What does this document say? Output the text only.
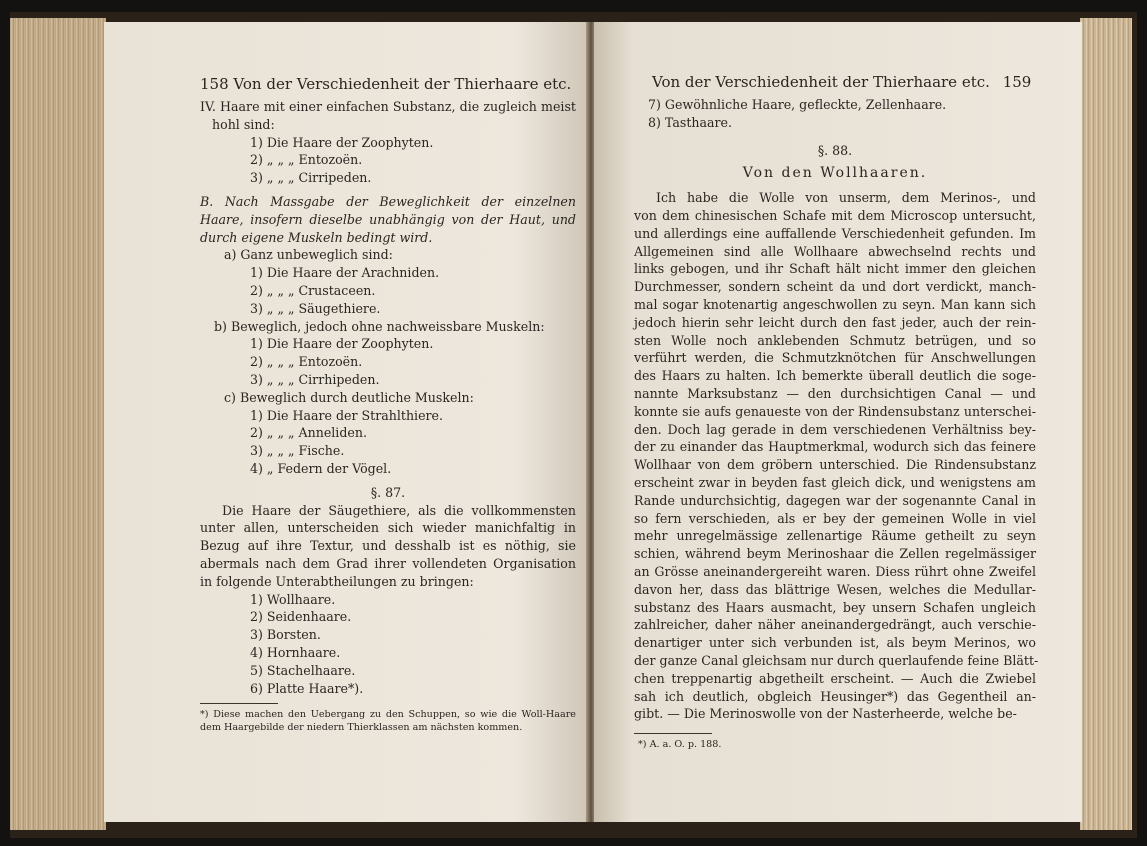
158 Von der Verschiedenheit der Thierhaare etc.
IV. Haare mit einer einfachen Substanz, die zugleich meist hohl sind:
1) Die Haare der Zoophyten.
2) „ „ „ Entozoën.
3) „ „ „ Cirripeden.
B. Nach Massgabe der Beweglichkeit der einzelnen Haare, insofern dieselbe unabhängig von der Haut, und durch eigene Muskeln bedingt wird.
a) Ganz unbeweglich sind:
1) Die Haare der Arachniden.
2) „ „ „ Crustaceen.
3) „ „ „ Säugethiere.
b) Beweglich, jedoch ohne nachweissbare Muskeln:
1) Die Haare der Zoophyten.
2) „ „ „ Entozoën.
3) „ „ „ Cirrhipeden.
c) Beweglich durch deutliche Muskeln:
1) Die Haare der Strahlthiere.
2) „ „ „ Anneliden.
3) „ „ „ Fische.
4) „ Federn der Vögel.
§. 87.
Die Haare der Säugethiere, als die vollkommensten unter allen, unterscheiden sich wieder manichfaltig in Bezug auf ihre Textur, und desshalb ist es nöthig, sie abermals nach dem Grad ihrer vollendeten Organisation in folgende Unterabtheilungen zu bringen:
1) Wollhaare.
2) Seidenhaare.
3) Borsten.
4) Hornhaare.
5) Stachelhaare.
6) Platte Haare*).
*) Diese machen den Uebergang zu den Schuppen, so wie die Woll-Haare dem Haargebilde der niedern Thierklassen am nächsten kommen.
Von der Verschiedenheit der Thierhaare etc. 159
7) Gewöhnliche Haare, gefleckte, Zellenhaare.
8) Tasthaare.
§. 88.
Von den Wollhaaren.
Ich habe die Wolle von unserm, dem Merinos-, und
von dem chinesischen Schafe mit dem Microscop untersucht,
und allerdings eine auffallende Verschiedenheit gefunden. Im
Allgemeinen sind alle Wollhaare abwechselnd rechts und
links gebogen, und ihr Schaft hält nicht immer den gleichen
Durchmesser, sondern scheint da und dort verdickt, manch-
mal sogar knotenartig angeschwollen zu seyn. Man kann sich
jedoch hierin sehr leicht durch den fast jeder, auch der rein-
sten Wolle noch anklebenden Schmutz betrügen, und so
verführt werden, die Schmutzknötchen für Anschwellungen
des Haars zu halten. Ich bemerkte überall deutlich die soge-
nannte Marksubstanz — den durchsichtigen Canal — und
konnte sie aufs genaueste von der Rindensubstanz unterschei-
den. Doch lag gerade in dem verschiedenen Verhältniss bey-
der zu einander das Hauptmerkmal, wodurch sich das feinere
Wollhaar von dem gröbern unterschied. Die Rindensubstanz
erscheint zwar in beyden fast gleich dick, und wenigstens am
Rande undurchsichtig, dagegen war der sogenannte Canal in
so fern verschieden, als er bey der gemeinen Wolle in viel
mehr unregelmässige zellenartige Räume getheilt zu seyn
schien, während beym Merinoshaar die Zellen regelmässiger
an Grösse aneinandergereiht waren. Diess rührt ohne Zweifel
davon her, dass das blättrige Wesen, welches die Medullar-
substanz des Haars ausmacht, bey unsern Schafen ungleich
zahlreicher, daher näher aneinandergedrängt, auch verschie-
denartiger unter sich verbunden ist, als beym Merinos, wo
der ganze Canal gleichsam nur durch querlaufende feine Blätt-
chen treppenartig abgetheilt erscheint. — Auch die Zwiebel
sah ich deutlich, obgleich Heusinger*) das Gegentheil an-
gibt. — Die Merinoswolle von der Nasterheerde, welche be-
*) A. a. O. p. 188.
